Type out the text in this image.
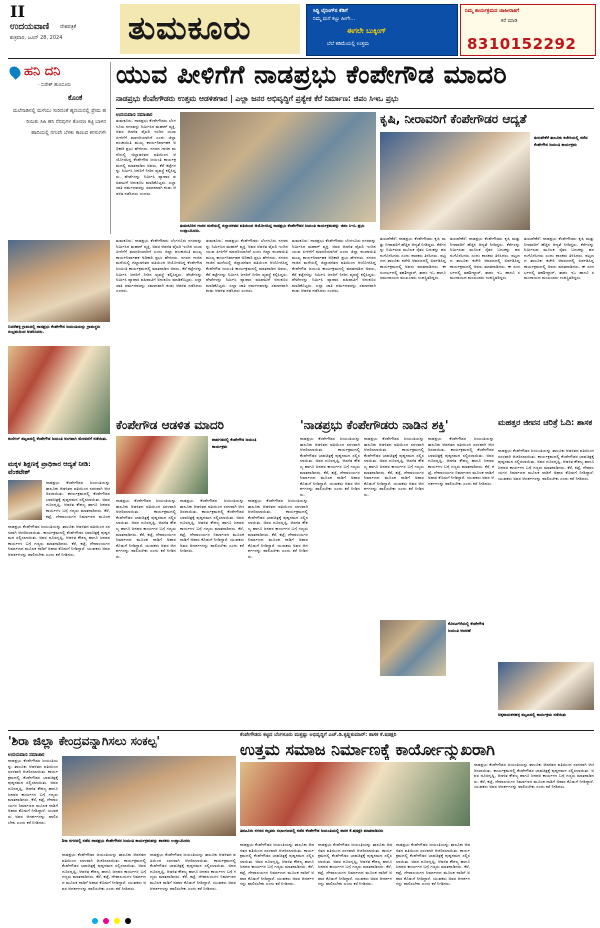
II
ಉದಯವಾಣಿ ದೇಶಪತ್ರಿಕೆ
ಶುಕ್ರವಾರ, ಜೂನ್ 28, 2024 ತುಮಕೂರು	ಸಿದ್ಧಿ ಲೈನಿಂಗ್‌ನ ಕೆಡಿಗೆ
ನಿಮ್ಮ ಮನೆ ಕಟ್ಟು ಹೀಗೇ...
ಈಗಲೇ ಬುಕ್ಕಿಂಗ್
ಬೆಲೆ ಕಡಿಮೆಯಲ್ಲಿ ಉತ್ತಮ
ನಿಮ್ಮ ಕಾರ್ಯಕ್ರಮದ ಜಾಹೀರಾತಿಗೆ
ಕರೆ ಮಾಡಿ
8310152292
ಹನಿ ದನಿ
- ಸುರೇಶ್ ಹುಣಸೂರು
ಕೊಂಕೆ
ಮಲೆನಾಡಿನಲ್ಲಿ ಮಳೆಯು ಸುರಿದಂತೆ ಹೃದಯದಲ್ಲಿ ಪ್ರೇಮ ಹರಿಯಿತು ಸಿಹಿ ಹನಿ ನೆನಪುಗಳ ತೋರಣ ಕಟ್ಟಿ ಬಾಳಿನ ಹಾದಿಯಲ್ಲಿ ನಗುವೇ ಬೆಳಕು ಕಾಣುವ ಕನಸುಗಳೇ
ಬಿದರೆಹಳ್ಳಿ ಗ್ರಾಮದಲ್ಲಿ ನಾಡಪ್ರಭು ಕೆಂಪೇಗೌಡ ಜಯಂತಿಯನ್ನು ಗ್ರಾಮಸ್ಥರು ಸಂಭ್ರಮದಿಂದ ಆಚರಿಸಿದರು.
ಕುಣಿಗಲ್ ಪಟ್ಟಣದಲ್ಲಿ ಕೆಂಪೇಗೌಡ ಜಯಂತಿ ಅಂಗವಾಗಿ ಮೆರವಣಿಗೆ ನಡೆಯಿತು.
ಯುವ ಪೀಳಿಗೆಗೆ ನಾಡಪ್ರಭು ಕೆಂಪೇಗೌಡ ಮಾದರಿ
ನಾಡಪ್ರಭು ಕೆಂಪೇಗೌಡರು ಉತ್ತಮ ಆಡಳಿತಗಾರ | ಎಲ್ಲಾ ಜನರ ಅಭಿವೃದ್ಧಿಗೆ ಪ್ರತ್ಯೇಕ ಕೆರೆ ನಿರ್ಮಾಣ: ಜಿಪಂ ಸಿಇಒ ಪ್ರಭು
ಉದಯವಾಣಿ ಸಮಾಚಾರ
ತುಮಕೂರು: ನಾಡಪ್ರಭು ಕೆಂಪೇಗೌಡರು ಬೆಂಗಳೂರು ನಗರವನ್ನು ನಿರ್ಮಿಸಿದ ಮಹಾನ್ ವ್ಯಕ್ತಿ. ಅವರ ಆಡಳಿತ ವೈಖರಿ ಇಂದಿನ ಯುವ ಪೀಳಿಗೆಗೆ ಮಾದರಿಯಾಗಿದೆ ಎಂದು ಜಿಲ್ಲಾ ಪಂಚಾಯಿತಿ ಮುಖ್ಯ ಕಾರ್ಯನಿರ್ವಾಹಕ ಅಧಿಕಾರಿ ಪ್ರಭು ಹೇಳಿದರು. ನಗರದ ಗಾಜಿನ ಮನೆಯಲ್ಲಿ ಜಿಲ್ಲಾಡಳಿತದ ವತಿಯಿಂದ ಆಯೋಜಿಸಿದ್ದ ಕೆಂಪೇಗೌಡ ಜಯಂತಿ ಕಾರ್ಯಕ್ರಮದಲ್ಲಿ ಮಾತನಾಡಿದ ಅವರು, ಕೆರೆ ಕಟ್ಟೆಗಳನ್ನು ನಿರ್ಮಿಸಿ ಜನರಿಗೆ ನೀರಿನ ವ್ಯವಸ್ಥೆ ಕಲ್ಪಿಸಿದ್ದರು. ಪೇಟೆಗಳನ್ನು ನಿರ್ಮಿಸಿ ವ್ಯಾಪಾರ ವಹಿವಾಟಿಗೆ ಅನುಕೂಲ ಮಾಡಿಕೊಟ್ಟರು. ಎಲ್ಲಾ ಜಾತಿ ಧರ್ಮದವರನ್ನು ಸಮಾನವಾಗಿ ಕಂಡು ಆಡಳಿತ ನಡೆಸಿದರು ಎಂದರು.
ತುಮಕೂರಿನ ಗಾಜಿನ ಮನೆಯಲ್ಲಿ ಜಿಲ್ಲಾಡಳಿತದ ವತಿಯಿಂದ ಆಯೋಜಿಸಿದ್ದ ನಾಡಪ್ರಭು ಕೆಂಪೇಗೌಡರ ಜಯಂತಿ ಕಾರ್ಯಕ್ರಮವನ್ನು ಜಿಪಂ ಸಿಇಒ ಪ್ರಭು ಉದ್ಘಾಟಿಸಿದರು.
ತುಮಕೂರು: ನಾಡಪ್ರಭು ಕೆಂಪೇಗೌಡರು ಬೆಂಗಳೂರು ನಗರವನ್ನು ನಿರ್ಮಿಸಿದ ಮಹಾನ್ ವ್ಯಕ್ತಿ. ಅವರ ಆಡಳಿತ ವೈಖರಿ ಇಂದಿನ ಯುವ ಪೀಳಿಗೆಗೆ ಮಾದರಿಯಾಗಿದೆ ಎಂದು ಜಿಲ್ಲಾ ಪಂಚಾಯಿತಿ ಮುಖ್ಯ ಕಾರ್ಯನಿರ್ವಾಹಕ ಅಧಿಕಾರಿ ಪ್ರಭು ಹೇಳಿದರು. ನಗರದ ಗಾಜಿನ ಮನೆಯಲ್ಲಿ ಜಿಲ್ಲಾಡಳಿತದ ವತಿಯಿಂದ ಆಯೋಜಿಸಿದ್ದ ಕೆಂಪೇಗೌಡ ಜಯಂತಿ ಕಾರ್ಯಕ್ರಮದಲ್ಲಿ ಮಾತನಾಡಿದ ಅವರು, ಕೆರೆ ಕಟ್ಟೆಗಳನ್ನು ನಿರ್ಮಿಸಿ ಜನರಿಗೆ ನೀರಿನ ವ್ಯವಸ್ಥೆ ಕಲ್ಪಿಸಿದ್ದರು. ಪೇಟೆಗಳನ್ನು ನಿರ್ಮಿಸಿ ವ್ಯಾಪಾರ ವಹಿವಾಟಿಗೆ ಅನುಕೂಲ ಮಾಡಿಕೊಟ್ಟರು. ಎಲ್ಲಾ ಜಾತಿ ಧರ್ಮದವರನ್ನು ಸಮಾನವಾಗಿ ಕಂಡು ಆಡಳಿತ ನಡೆಸಿದರು ಎಂದರು.
ತುಮಕೂರು: ನಾಡಪ್ರಭು ಕೆಂಪೇಗೌಡರು ಬೆಂಗಳೂರು ನಗರವನ್ನು ನಿರ್ಮಿಸಿದ ಮಹಾನ್ ವ್ಯಕ್ತಿ. ಅವರ ಆಡಳಿತ ವೈಖರಿ ಇಂದಿನ ಯುವ ಪೀಳಿಗೆಗೆ ಮಾದರಿಯಾಗಿದೆ ಎಂದು ಜಿಲ್ಲಾ ಪಂಚಾಯಿತಿ ಮುಖ್ಯ ಕಾರ್ಯನಿರ್ವಾಹಕ ಅಧಿಕಾರಿ ಪ್ರಭು ಹೇಳಿದರು. ನಗರದ ಗಾಜಿನ ಮನೆಯಲ್ಲಿ ಜಿಲ್ಲಾಡಳಿತದ ವತಿಯಿಂದ ಆಯೋಜಿಸಿದ್ದ ಕೆಂಪೇಗೌಡ ಜಯಂತಿ ಕಾರ್ಯಕ್ರಮದಲ್ಲಿ ಮಾತನಾಡಿದ ಅವರು, ಕೆರೆ ಕಟ್ಟೆಗಳನ್ನು ನಿರ್ಮಿಸಿ ಜನರಿಗೆ ನೀರಿನ ವ್ಯವಸ್ಥೆ ಕಲ್ಪಿಸಿದ್ದರು. ಪೇಟೆಗಳನ್ನು ನಿರ್ಮಿಸಿ ವ್ಯಾಪಾರ ವಹಿವಾಟಿಗೆ ಅನುಕೂಲ ಮಾಡಿಕೊಟ್ಟರು. ಎಲ್ಲಾ ಜಾತಿ ಧರ್ಮದವರನ್ನು ಸಮಾನವಾಗಿ ಕಂಡು ಆಡಳಿತ ನಡೆಸಿದರು ಎಂದರು.
ತುಮಕೂರು: ನಾಡಪ್ರಭು ಕೆಂಪೇಗೌಡರು ಬೆಂಗಳೂರು ನಗರವನ್ನು ನಿರ್ಮಿಸಿದ ಮಹಾನ್ ವ್ಯಕ್ತಿ. ಅವರ ಆಡಳಿತ ವೈಖರಿ ಇಂದಿನ ಯುವ ಪೀಳಿಗೆಗೆ ಮಾದರಿಯಾಗಿದೆ ಎಂದು ಜಿಲ್ಲಾ ಪಂಚಾಯಿತಿ ಮುಖ್ಯ ಕಾರ್ಯನಿರ್ವಾಹಕ ಅಧಿಕಾರಿ ಪ್ರಭು ಹೇಳಿದರು. ನಗರದ ಗಾಜಿನ ಮನೆಯಲ್ಲಿ ಜಿಲ್ಲಾಡಳಿತದ ವತಿಯಿಂದ ಆಯೋಜಿಸಿದ್ದ ಕೆಂಪೇಗೌಡ ಜಯಂತಿ ಕಾರ್ಯಕ್ರಮದಲ್ಲಿ ಮಾತನಾಡಿದ ಅವರು, ಕೆರೆ ಕಟ್ಟೆಗಳನ್ನು ನಿರ್ಮಿಸಿ ಜನರಿಗೆ ನೀರಿನ ವ್ಯವಸ್ಥೆ ಕಲ್ಪಿಸಿದ್ದರು. ಪೇಟೆಗಳನ್ನು ನಿರ್ಮಿಸಿ ವ್ಯಾಪಾರ ವಹಿವಾಟಿಗೆ ಅನುಕೂಲ ಮಾಡಿಕೊಟ್ಟರು. ಎಲ್ಲಾ ಜಾತಿ ಧರ್ಮದವರನ್ನು ಸಮಾನವಾಗಿ ಕಂಡು ಆಡಳಿತ ನಡೆಸಿದರು ಎಂದರು.
ಕೃಷಿ, ನೀರಾವರಿಗೆ ಕೆಂಪೇಗೌಡರ ಆದ್ಯತೆ
ತುರುವೇಕೆರೆ ತಾಲೂಕು ಕಚೇರಿಯಲ್ಲಿ ನಡೆದ ಕೆಂಪೇಗೌಡ ಜಯಂತಿ ಕಾರ್ಯಕ್ರಮ
ತುರುವೇಕೆರೆ: ನಾಡಪ್ರಭು ಕೆಂಪೇಗೌಡರು ಕೃಷಿ ಮತ್ತು ನೀರಾವರಿಗೆ ಹೆಚ್ಚಿನ ಆದ್ಯತೆ ನೀಡಿದ್ದರು. ಕೆರೆಗಳನ್ನು ನಿರ್ಮಿಸುವ ಮೂಲಕ ರೈತರ ಬದುಕನ್ನು ಹಸನುಗೊಳಿಸಿದರು ಎಂದು ಶಾಸಕರು ತಿಳಿಸಿದರು. ಪಟ್ಟಣದ ತಾಲೂಕು ಕಚೇರಿ ಆವರಣದಲ್ಲಿ ಏರ್ಪಡಿಸಿದ್ದ ಕಾರ್ಯಕ್ರಮದಲ್ಲಿ ಅವರು ಮಾತನಾಡಿದರು. ಈ ಸಂದರ್ಭದಲ್ಲಿ ತಹಶೀಲ್ದಾರ್, ತಾಪಂ ಇಒ ಹಾಗೂ ಸಮುದಾಯದ ಮುಖಂಡರು ಉಪಸ್ಥಿತರಿದ್ದರು.
ತುರುವೇಕೆರೆ: ನಾಡಪ್ರಭು ಕೆಂಪೇಗೌಡರು ಕೃಷಿ ಮತ್ತು ನೀರಾವರಿಗೆ ಹೆಚ್ಚಿನ ಆದ್ಯತೆ ನೀಡಿದ್ದರು. ಕೆರೆಗಳನ್ನು ನಿರ್ಮಿಸುವ ಮೂಲಕ ರೈತರ ಬದುಕನ್ನು ಹಸನುಗೊಳಿಸಿದರು ಎಂದು ಶಾಸಕರು ತಿಳಿಸಿದರು. ಪಟ್ಟಣದ ತಾಲೂಕು ಕಚೇರಿ ಆವರಣದಲ್ಲಿ ಏರ್ಪಡಿಸಿದ್ದ ಕಾರ್ಯಕ್ರಮದಲ್ಲಿ ಅವರು ಮಾತನಾಡಿದರು. ಈ ಸಂದರ್ಭದಲ್ಲಿ ತಹಶೀಲ್ದಾರ್, ತಾಪಂ ಇಒ ಹಾಗೂ ಸಮುದಾಯದ ಮುಖಂಡರು ಉಪಸ್ಥಿತರಿದ್ದರು.
ತುರುವೇಕೆರೆ: ನಾಡಪ್ರಭು ಕೆಂಪೇಗೌಡರು ಕೃಷಿ ಮತ್ತು ನೀರಾವರಿಗೆ ಹೆಚ್ಚಿನ ಆದ್ಯತೆ ನೀಡಿದ್ದರು. ಕೆರೆಗಳನ್ನು ನಿರ್ಮಿಸುವ ಮೂಲಕ ರೈತರ ಬದುಕನ್ನು ಹಸನುಗೊಳಿಸಿದರು ಎಂದು ಶಾಸಕರು ತಿಳಿಸಿದರು. ಪಟ್ಟಣದ ತಾಲೂಕು ಕಚೇರಿ ಆವರಣದಲ್ಲಿ ಏರ್ಪಡಿಸಿದ್ದ ಕಾರ್ಯಕ್ರಮದಲ್ಲಿ ಅವರು ಮಾತನಾಡಿದರು. ಈ ಸಂದರ್ಭದಲ್ಲಿ ತಹಶೀಲ್ದಾರ್, ತಾಪಂ ಇಒ ಹಾಗೂ ಸಮುದಾಯದ ಮುಖಂಡರು ಉಪಸ್ಥಿತರಿದ್ದರು.
ಮಕ್ಕಳ ಶಿಕ್ಷಣಕ್ಕೆ ಪ್ರಾಧಿಕಾರ ಆದ್ಯತೆ ನೀಡಿ: ವೆಂಕಟೇಶ್
ನಾಡಪ್ರಭು ಕೆಂಪೇಗೌಡರ ಜಯಂತಿಯನ್ನು ತಾಲೂಕು ಆಡಳಿತದ ವತಿಯಿಂದ ಸರಳವಾಗಿ ಆಚರಿಸಲಾಯಿತು. ಕಾರ್ಯಕ್ರಮದಲ್ಲಿ ಕೆಂಪೇಗೌಡರ ಭಾವಚಿತ್ರಕ್ಕೆ ಪುಷ್ಪನಮನ ಸಲ್ಲಿಸಲಾಯಿತು. ಅವರ ದೂರದೃಷ್ಟಿ, ಆಡಳಿತ ಕೌಶಲ್ಯ ಹಾಗೂ ಜನಪರ ಕಾರ್ಯಗಳ ಬಗ್ಗೆ ಗಣ್ಯರು ಮಾತನಾಡಿದರು. ಕೆರೆ, ಕಟ್ಟೆ, ದೇವಾಲಯಗಳ ನಿರ್ಮಾಣದ ಮೂಲಕ
ನಾಡಪ್ರಭು ಕೆಂಪೇಗೌಡರ ಜಯಂತಿಯನ್ನು ತಾಲೂಕು ಆಡಳಿತದ ವತಿಯಿಂದ ಸರಳವಾಗಿ ಆಚರಿಸಲಾಯಿತು. ಕಾರ್ಯಕ್ರಮದಲ್ಲಿ ಕೆಂಪೇಗೌಡರ ಭಾವಚಿತ್ರಕ್ಕೆ ಪುಷ್ಪನಮನ ಸಲ್ಲಿಸಲಾಯಿತು. ಅವರ ದೂರದೃಷ್ಟಿ, ಆಡಳಿತ ಕೌಶಲ್ಯ ಹಾಗೂ ಜನಪರ ಕಾರ್ಯಗಳ ಬಗ್ಗೆ ಗಣ್ಯರು ಮಾತನಾಡಿದರು. ಕೆರೆ, ಕಟ್ಟೆ, ದೇವಾಲಯಗಳ ನಿರ್ಮಾಣದ ಮೂಲಕ ನಾಡಿಗೆ ಅಪಾರ ಕೊಡುಗೆ ನೀಡಿದ್ದಾರೆ. ಯುವಕರು ಅವರ ಆದರ್ಶಗಳನ್ನು ಪಾಲಿಸಬೇಕು ಎಂದು ಕರೆ ನೀಡಿದರು.
ಕೆಂಪೇಗೌಡ ಆಡಳಿತ ಮಾದರಿ
ಪಾವಗಡದಲ್ಲಿ ಕೆಂಪೇಗೌಡ ಜಯಂತಿ ಕಾರ್ಯಕ್ರಮ
'ನಾಡಪ್ರಭು ಕೆಂಪೇಗೌಡರು ನಾಡಿನ ಶಕ್ತಿ'	ಮಹತ್ತರ ಜೀವನ ಚರಿತ್ರೆ ಓದಿ: ಶಾಸಕ
ನಾಡಪ್ರಭು ಕೆಂಪೇಗೌಡರ ಜಯಂತಿಯನ್ನು ತಾಲೂಕು ಆಡಳಿತದ ವತಿಯಿಂದ ಸರಳವಾಗಿ ಆಚರಿಸಲಾಯಿತು. ಕಾರ್ಯಕ್ರಮದಲ್ಲಿ ಕೆಂಪೇಗೌಡರ ಭಾವಚಿತ್ರಕ್ಕೆ ಪುಷ್ಪನಮನ ಸಲ್ಲಿಸಲಾಯಿತು. ಅವರ ದೂರದೃಷ್ಟಿ, ಆಡಳಿತ ಕೌಶಲ್ಯ ಹಾಗೂ ಜನಪರ ಕಾರ್ಯಗಳ ಬಗ್ಗೆ ಗಣ್ಯರು ಮಾತನಾಡಿದರು. ಕೆರೆ, ಕಟ್ಟೆ, ದೇವಾಲಯಗಳ ನಿರ್ಮಾಣದ ಮೂಲಕ ನಾಡಿಗೆ ಅಪಾರ ಕೊಡುಗೆ ನೀಡಿದ್ದಾರೆ. ಯುವಕರು ಅವರ ಆದರ್ಶಗಳನ್ನು ಪಾಲಿಸಬೇಕು ಎಂದು ಕರೆ ನೀಡಿದರು.
ನಾಡಪ್ರಭು ಕೆಂಪೇಗೌಡರ ಜಯಂತಿಯನ್ನು ತಾಲೂಕು ಆಡಳಿತದ ವತಿಯಿಂದ ಸರಳವಾಗಿ ಆಚರಿಸಲಾಯಿತು. ಕಾರ್ಯಕ್ರಮದಲ್ಲಿ ಕೆಂಪೇಗೌಡರ ಭಾವಚಿತ್ರಕ್ಕೆ ಪುಷ್ಪನಮನ ಸಲ್ಲಿಸಲಾಯಿತು. ಅವರ ದೂರದೃಷ್ಟಿ, ಆಡಳಿತ ಕೌಶಲ್ಯ ಹಾಗೂ ಜನಪರ ಕಾರ್ಯಗಳ ಬಗ್ಗೆ ಗಣ್ಯರು ಮಾತನಾಡಿದರು. ಕೆರೆ, ಕಟ್ಟೆ, ದೇವಾಲಯಗಳ ನಿರ್ಮಾಣದ ಮೂಲಕ ನಾಡಿಗೆ ಅಪಾರ ಕೊಡುಗೆ ನೀಡಿದ್ದಾರೆ. ಯುವಕರು ಅವರ ಆದರ್ಶಗಳನ್ನು ಪಾಲಿಸಬೇಕು ಎಂದು ಕರೆ ನೀಡಿದರು.
ನಾಡಪ್ರಭು ಕೆಂಪೇಗೌಡರ ಜಯಂತಿಯನ್ನು ತಾಲೂಕು ಆಡಳಿತದ ವತಿಯಿಂದ ಸರಳವಾಗಿ ಆಚರಿಸಲಾಯಿತು. ಕಾರ್ಯಕ್ರಮದಲ್ಲಿ ಕೆಂಪೇಗೌಡರ ಭಾವಚಿತ್ರಕ್ಕೆ ಪುಷ್ಪನಮನ ಸಲ್ಲಿಸಲಾಯಿತು. ಅವರ ದೂರದೃಷ್ಟಿ, ಆಡಳಿತ ಕೌಶಲ್ಯ ಹಾಗೂ ಜನಪರ ಕಾರ್ಯಗಳ ಬಗ್ಗೆ ಗಣ್ಯರು ಮಾತನಾಡಿದರು. ಕೆರೆ, ಕಟ್ಟೆ, ದೇವಾಲಯಗಳ ನಿರ್ಮಾಣದ ಮೂಲಕ ನಾಡಿಗೆ ಅಪಾರ ಕೊಡುಗೆ ನೀಡಿದ್ದಾರೆ. ಯುವಕರು ಅವರ ಆದರ್ಶಗಳನ್ನು ಪಾಲಿಸಬೇಕು ಎಂದು ಕರೆ ನೀಡಿದರು.
ನಾಡಪ್ರಭು ಕೆಂಪೇಗೌಡರ ಜಯಂತಿಯನ್ನು ತಾಲೂಕು ಆಡಳಿತದ ವತಿಯಿಂದ ಸರಳವಾಗಿ ಆಚರಿಸಲಾಯಿತು. ಕಾರ್ಯಕ್ರಮದಲ್ಲಿ ಕೆಂಪೇಗೌಡರ ಭಾವಚಿತ್ರಕ್ಕೆ ಪುಷ್ಪನಮನ ಸಲ್ಲಿಸಲಾಯಿತು. ಅವರ ದೂರದೃಷ್ಟಿ, ಆಡಳಿತ ಕೌಶಲ್ಯ ಹಾಗೂ ಜನಪರ ಕಾರ್ಯಗಳ ಬಗ್ಗೆ ಗಣ್ಯರು ಮಾತನಾಡಿದರು. ಕೆರೆ, ಕಟ್ಟೆ, ದೇವಾಲಯಗಳ ನಿರ್ಮಾಣದ ಮೂಲಕ ನಾಡಿಗೆ ಅಪಾರ ಕೊಡುಗೆ ನೀಡಿದ್ದಾರೆ. ಯುವಕರು ಅವರ ಆದರ್ಶಗಳನ್ನು ಪಾಲಿಸಬೇಕು ಎಂದು ಕರೆ ನೀಡಿದರು.
ನಾಡಪ್ರಭು ಕೆಂಪೇಗೌಡರ ಜಯಂತಿಯನ್ನು ತಾಲೂಕು ಆಡಳಿತದ ವತಿಯಿಂದ ಸರಳವಾಗಿ ಆಚರಿಸಲಾಯಿತು. ಕಾರ್ಯಕ್ರಮದಲ್ಲಿ ಕೆಂಪೇಗೌಡರ ಭಾವಚಿತ್ರಕ್ಕೆ ಪುಷ್ಪನಮನ ಸಲ್ಲಿಸಲಾಯಿತು. ಅವರ ದೂರದೃಷ್ಟಿ, ಆಡಳಿತ ಕೌಶಲ್ಯ ಹಾಗೂ ಜನಪರ ಕಾರ್ಯಗಳ ಬಗ್ಗೆ ಗಣ್ಯರು ಮಾತನಾಡಿದರು. ಕೆರೆ, ಕಟ್ಟೆ, ದೇವಾಲಯಗಳ ನಿರ್ಮಾಣದ ಮೂಲಕ ನಾಡಿಗೆ ಅಪಾರ ಕೊಡುಗೆ ನೀಡಿದ್ದಾರೆ. ಯುವಕರು ಅವರ ಆದರ್ಶಗಳನ್ನು ಪಾಲಿಸಬೇಕು ಎಂದು ಕರೆ ನೀಡಿದರು.
ನಾಡಪ್ರಭು ಕೆಂಪೇಗೌಡರ ಜಯಂತಿಯನ್ನು ತಾಲೂಕು ಆಡಳಿತದ ವತಿಯಿಂದ ಸರಳವಾಗಿ ಆಚರಿಸಲಾಯಿತು. ಕಾರ್ಯಕ್ರಮದಲ್ಲಿ ಕೆಂಪೇಗೌಡರ ಭಾವಚಿತ್ರಕ್ಕೆ ಪುಷ್ಪನಮನ ಸಲ್ಲಿಸಲಾಯಿತು. ಅವರ ದೂರದೃಷ್ಟಿ, ಆಡಳಿತ ಕೌಶಲ್ಯ ಹಾಗೂ ಜನಪರ ಕಾರ್ಯಗಳ ಬಗ್ಗೆ ಗಣ್ಯರು ಮಾತನಾಡಿದರು. ಕೆರೆ, ಕಟ್ಟೆ, ದೇವಾಲಯಗಳ ನಿರ್ಮಾಣದ ಮೂಲಕ ನಾಡಿಗೆ ಅಪಾರ ಕೊಡುಗೆ ನೀಡಿದ್ದಾರೆ. ಯುವಕರು ಅವರ ಆದರ್ಶಗಳನ್ನು ಪಾಲಿಸಬೇಕು ಎಂದು ಕರೆ ನೀಡಿದರು.
ಕೊರಟಗೆರೆಯಲ್ಲಿ ಕೆಂಪೇಗೌಡ ಜಯಂತಿ ಆಚರಣೆ
ನಾಡಪ್ರಭು ಕೆಂಪೇಗೌಡರ ಜಯಂತಿಯನ್ನು ತಾಲೂಕು ಆಡಳಿತದ ವತಿಯಿಂದ ಸರಳವಾಗಿ ಆಚರಿಸಲಾಯಿತು. ಕಾರ್ಯಕ್ರಮದಲ್ಲಿ ಕೆಂಪೇಗೌಡರ ಭಾವಚಿತ್ರಕ್ಕೆ ಪುಷ್ಪನಮನ ಸಲ್ಲಿಸಲಾಯಿತು. ಅವರ ದೂರದೃಷ್ಟಿ, ಆಡಳಿತ ಕೌಶಲ್ಯ ಹಾಗೂ ಜನಪರ ಕಾರ್ಯಗಳ ಬಗ್ಗೆ ಗಣ್ಯರು ಮಾತನಾಡಿದರು. ಕೆರೆ, ಕಟ್ಟೆ, ದೇವಾಲಯಗಳ ನಿರ್ಮಾಣದ ಮೂಲಕ ನಾಡಿಗೆ ಅಪಾರ ಕೊಡುಗೆ ನೀಡಿದ್ದಾರೆ. ಯುವಕರು ಅವರ ಆದರ್ಶಗಳನ್ನು ಪಾಲಿಸಬೇಕು ಎಂದು ಕರೆ ನೀಡಿದರು.
ಚಿಕ್ಕನಾಯಕನಹಳ್ಳಿ ಪಟ್ಟಣದಲ್ಲಿ ಕಾರ್ಯಕ್ರಮ ನಡೆಯಿತು
'ಶಿರಾ ಜಿಲ್ಲಾ ಕೇಂದ್ರವನ್ನಾಗಿಸಲು ಸಂಕಲ್ಪ'
ಉದಯವಾಣಿ ಸಮಾಚಾರ
ನಾಡಪ್ರಭು ಕೆಂಪೇಗೌಡರ ಜಯಂತಿಯನ್ನು ತಾಲೂಕು ಆಡಳಿತದ ವತಿಯಿಂದ ಸರಳವಾಗಿ ಆಚರಿಸಲಾಯಿತು. ಕಾರ್ಯಕ್ರಮದಲ್ಲಿ ಕೆಂಪೇಗೌಡರ ಭಾವಚಿತ್ರಕ್ಕೆ ಪುಷ್ಪನಮನ ಸಲ್ಲಿಸಲಾಯಿತು. ಅವರ ದೂರದೃಷ್ಟಿ, ಆಡಳಿತ ಕೌಶಲ್ಯ ಹಾಗೂ ಜನಪರ ಕಾರ್ಯಗಳ ಬಗ್ಗೆ ಗಣ್ಯರು ಮಾತನಾಡಿದರು. ಕೆರೆ, ಕಟ್ಟೆ, ದೇವಾಲಯಗಳ ನಿರ್ಮಾಣದ ಮೂಲಕ ನಾಡಿಗೆ ಅಪಾರ ಕೊಡುಗೆ ನೀಡಿದ್ದಾರೆ. ಯುವಕರು ಅವರ ಆದರ್ಶಗಳನ್ನು ಪಾಲಿಸಬೇಕು ಎಂದು ಕರೆ ನೀಡಿದರು.
ಶಿರಾ ನಗರದಲ್ಲಿ ನಡೆದ ನಾಡಪ್ರಭು ಕೆಂಪೇಗೌಡರ ಜಯಂತಿ ಕಾರ್ಯಕ್ರಮವನ್ನು ಶಾಸಕರು ಉದ್ಘಾಟಿಸಿದರು
ನಾಡಪ್ರಭು ಕೆಂಪೇಗೌಡರ ಜಯಂತಿಯನ್ನು ತಾಲೂಕು ಆಡಳಿತದ ವತಿಯಿಂದ ಸರಳವಾಗಿ ಆಚರಿಸಲಾಯಿತು. ಕಾರ್ಯಕ್ರಮದಲ್ಲಿ ಕೆಂಪೇಗೌಡರ ಭಾವಚಿತ್ರಕ್ಕೆ ಪುಷ್ಪನಮನ ಸಲ್ಲಿಸಲಾಯಿತು. ಅವರ ದೂರದೃಷ್ಟಿ, ಆಡಳಿತ ಕೌಶಲ್ಯ ಹಾಗೂ ಜನಪರ ಕಾರ್ಯಗಳ ಬಗ್ಗೆ ಗಣ್ಯರು ಮಾತನಾಡಿದರು. ಕೆರೆ, ಕಟ್ಟೆ, ದೇವಾಲಯಗಳ ನಿರ್ಮಾಣದ ಮೂಲಕ ನಾಡಿಗೆ ಅಪಾರ ಕೊಡುಗೆ ನೀಡಿದ್ದಾರೆ. ಯುವಕರು ಅವರ ಆದರ್ಶಗಳನ್ನು ಪಾಲಿಸಬೇಕು ಎಂದು ಕರೆ ನೀಡಿದರು.
ನಾಡಪ್ರಭು ಕೆಂಪೇಗೌಡರ ಜಯಂತಿಯನ್ನು ತಾಲೂಕು ಆಡಳಿತದ ವತಿಯಿಂದ ಸರಳವಾಗಿ ಆಚರಿಸಲಾಯಿತು. ಕಾರ್ಯಕ್ರಮದಲ್ಲಿ ಕೆಂಪೇಗೌಡರ ಭಾವಚಿತ್ರಕ್ಕೆ ಪುಷ್ಪನಮನ ಸಲ್ಲಿಸಲಾಯಿತು. ಅವರ ದೂರದೃಷ್ಟಿ, ಆಡಳಿತ ಕೌಶಲ್ಯ ಹಾಗೂ ಜನಪರ ಕಾರ್ಯಗಳ ಬಗ್ಗೆ ಗಣ್ಯರು ಮಾತನಾಡಿದರು. ಕೆರೆ, ಕಟ್ಟೆ, ದೇವಾಲಯಗಳ ನಿರ್ಮಾಣದ ಮೂಲಕ ನಾಡಿಗೆ ಅಪಾರ ಕೊಡುಗೆ ನೀಡಿದ್ದಾರೆ. ಯುವಕರು ಅವರ ಆದರ್ಶಗಳನ್ನು ಪಾಲಿಸಬೇಕು ಎಂದು ಕರೆ ನೀಡಿದರು.
ಕೆಂಪೇಗೌಡರು ಕಟ್ಟಿದ ಬೆಂಗಳೂರು ಮತ್ತಷ್ಟು ಅಭಿವೃದ್ಧಿಗೆ ಎಚ್.ಡಿ.ಕೃಷ್ಣಕುಮಾರ್: ಶಾಸಕ ಕೆ.ಷಡಕ್ಷರಿ
ಉತ್ತಮ ಸಮಾಜ ನಿರ್ಮಾಣಕ್ಕೆ ಕಾರ್ಯೋನ್ಮುಖರಾಗಿ
ತಿಪಟೂರು ನಗರದ ಕಲ್ಪತರು ಸಭಾಂಗಣದಲ್ಲಿ ನಡೆದ ಕೆಂಪೇಗೌಡ ಜಯಂತಿಯಲ್ಲಿ ಶಾಸಕ ಕೆ.ಷಡಕ್ಷರಿ ಮಾತನಾಡಿದರು
ನಾಡಪ್ರಭು ಕೆಂಪೇಗೌಡರ ಜಯಂತಿಯನ್ನು ತಾಲೂಕು ಆಡಳಿತದ ವತಿಯಿಂದ ಸರಳವಾಗಿ ಆಚರಿಸಲಾಯಿತು. ಕಾರ್ಯಕ್ರಮದಲ್ಲಿ ಕೆಂಪೇಗೌಡರ ಭಾವಚಿತ್ರಕ್ಕೆ ಪುಷ್ಪನಮನ ಸಲ್ಲಿಸಲಾಯಿತು. ಅವರ ದೂರದೃಷ್ಟಿ, ಆಡಳಿತ ಕೌಶಲ್ಯ ಹಾಗೂ ಜನಪರ ಕಾರ್ಯಗಳ ಬಗ್ಗೆ ಗಣ್ಯರು ಮಾತನಾಡಿದರು. ಕೆರೆ, ಕಟ್ಟೆ, ದೇವಾಲಯಗಳ ನಿರ್ಮಾಣದ ಮೂಲಕ ನಾಡಿಗೆ ಅಪಾರ ಕೊಡುಗೆ ನೀಡಿದ್ದಾರೆ. ಯುವಕರು ಅವರ ಆದರ್ಶಗಳನ್ನು ಪಾಲಿಸಬೇಕು ಎಂದು ಕರೆ ನೀಡಿದರು.
ನಾಡಪ್ರಭು ಕೆಂಪೇಗೌಡರ ಜಯಂತಿಯನ್ನು ತಾಲೂಕು ಆಡಳಿತದ ವತಿಯಿಂದ ಸರಳವಾಗಿ ಆಚರಿಸಲಾಯಿತು. ಕಾರ್ಯಕ್ರಮದಲ್ಲಿ ಕೆಂಪೇಗೌಡರ ಭಾವಚಿತ್ರಕ್ಕೆ ಪುಷ್ಪನಮನ ಸಲ್ಲಿಸಲಾಯಿತು. ಅವರ ದೂರದೃಷ್ಟಿ, ಆಡಳಿತ ಕೌಶಲ್ಯ ಹಾಗೂ ಜನಪರ ಕಾರ್ಯಗಳ ಬಗ್ಗೆ ಗಣ್ಯರು ಮಾತನಾಡಿದರು. ಕೆರೆ, ಕಟ್ಟೆ, ದೇವಾಲಯಗಳ ನಿರ್ಮಾಣದ ಮೂಲಕ ನಾಡಿಗೆ ಅಪಾರ ಕೊಡುಗೆ ನೀಡಿದ್ದಾರೆ. ಯುವಕರು ಅವರ ಆದರ್ಶಗಳನ್ನು ಪಾಲಿಸಬೇಕು ಎಂದು ಕರೆ ನೀಡಿದರು.
ನಾಡಪ್ರಭು ಕೆಂಪೇಗೌಡರ ಜಯಂತಿಯನ್ನು ತಾಲೂಕು ಆಡಳಿತದ ವತಿಯಿಂದ ಸರಳವಾಗಿ ಆಚರಿಸಲಾಯಿತು. ಕಾರ್ಯಕ್ರಮದಲ್ಲಿ ಕೆಂಪೇಗೌಡರ ಭಾವಚಿತ್ರಕ್ಕೆ ಪುಷ್ಪನಮನ ಸಲ್ಲಿಸಲಾಯಿತು. ಅವರ ದೂರದೃಷ್ಟಿ, ಆಡಳಿತ ಕೌಶಲ್ಯ ಹಾಗೂ ಜನಪರ ಕಾರ್ಯಗಳ ಬಗ್ಗೆ ಗಣ್ಯರು ಮಾತನಾಡಿದರು. ಕೆರೆ, ಕಟ್ಟೆ, ದೇವಾಲಯಗಳ ನಿರ್ಮಾಣದ ಮೂಲಕ ನಾಡಿಗೆ ಅಪಾರ ಕೊಡುಗೆ ನೀಡಿದ್ದಾರೆ. ಯುವಕರು ಅವರ ಆದರ್ಶಗಳನ್ನು ಪಾಲಿಸಬೇಕು ಎಂದು ಕರೆ ನೀಡಿದರು.
ನಾಡಪ್ರಭು ಕೆಂಪೇಗೌಡರ ಜಯಂತಿಯನ್ನು ತಾಲೂಕು ಆಡಳಿತದ ವತಿಯಿಂದ ಸರಳವಾಗಿ ಆಚರಿಸಲಾಯಿತು. ಕಾರ್ಯಕ್ರಮದಲ್ಲಿ ಕೆಂಪೇಗೌಡರ ಭಾವಚಿತ್ರಕ್ಕೆ ಪುಷ್ಪನಮನ ಸಲ್ಲಿಸಲಾಯಿತು. ಅವರ ದೂರದೃಷ್ಟಿ, ಆಡಳಿತ ಕೌಶಲ್ಯ ಹಾಗೂ ಜನಪರ ಕಾರ್ಯಗಳ ಬಗ್ಗೆ ಗಣ್ಯರು ಮಾತನಾಡಿದರು. ಕೆರೆ, ಕಟ್ಟೆ, ದೇವಾಲಯಗಳ ನಿರ್ಮಾಣದ ಮೂಲಕ ನಾಡಿಗೆ ಅಪಾರ ಕೊಡುಗೆ ನೀಡಿದ್ದಾರೆ. ಯುವಕರು ಅವರ ಆದರ್ಶಗಳನ್ನು ಪಾಲಿಸಬೇಕು ಎಂದು ಕರೆ ನೀಡಿದರು.
